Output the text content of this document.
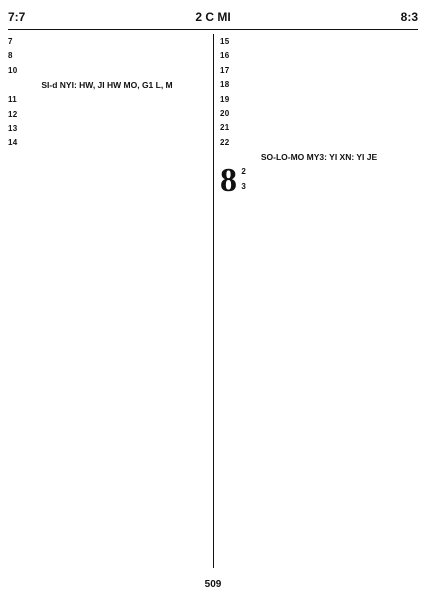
7:7	2 C MI	8:3

7

8

10

SI-d NYI: HW, JI HW MO, G1 L, M

11

12

13

14

15

16

17

18

19

20

21

22

SO-LO-MO MY3: YI XN: YI JE

8 2

3

509
